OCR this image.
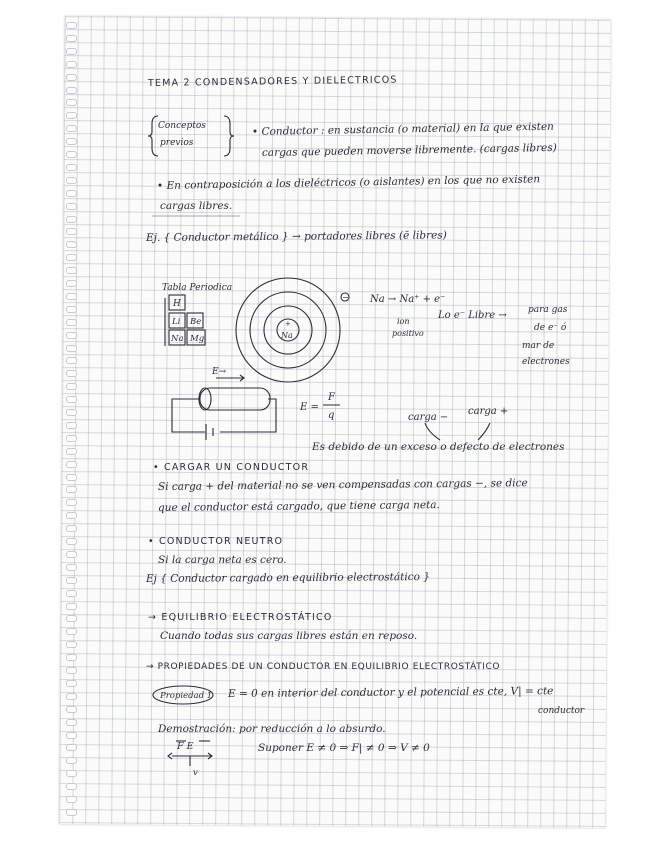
TEMA 2 CONDENSADORES Y DIELECTRICOS
Conceptos
previos
• Conductor : en sustancia (o material) en la que existen
cargas que pueden moverse libremente. (cargas libres)
• En contraposición a los dieléctricos (o aislantes) en los que no existen
cargas libres.
Ej. { Conductor metálico } → portadores libres (ē libres)
• CARGAR UN CONDUCTOR
Si carga + del material no se ven compensadas con cargas −, se dice
que el conductor está cargado, que tiene carga neta.
• CONDUCTOR NEUTRO
Si la carga neta es cero.
Ej { Conductor cargado en equilibrio electrostático }
→ EQUILIBRIO ELECTROSTÁTICO
Cuando todas sus cargas libres están en reposo.
→ PROPIEDADES DE UN CONDUCTOR EN EQUILIBRIO ELECTROSTÁTICO
E = 0 en interior del conductor y el potencial es cte, V| = cte
conductor
Demostración: por reducción a lo absurdo.
Suponer E ≠ 0 ⇒ F| ≠ 0 ⇒ V ≠ 0
Tabla Periodica
H
Li Be
Na Mg
+
Na
− Na → Na⁺ + e⁻
ion
positivo
Lo e⁻ Libre → para gas
de e⁻ ó
mar de
electrones
E→
E =
F
q	carga −
carga +
Es debido de un exceso o defecto de electrones
Propiedad 1
F E
v
